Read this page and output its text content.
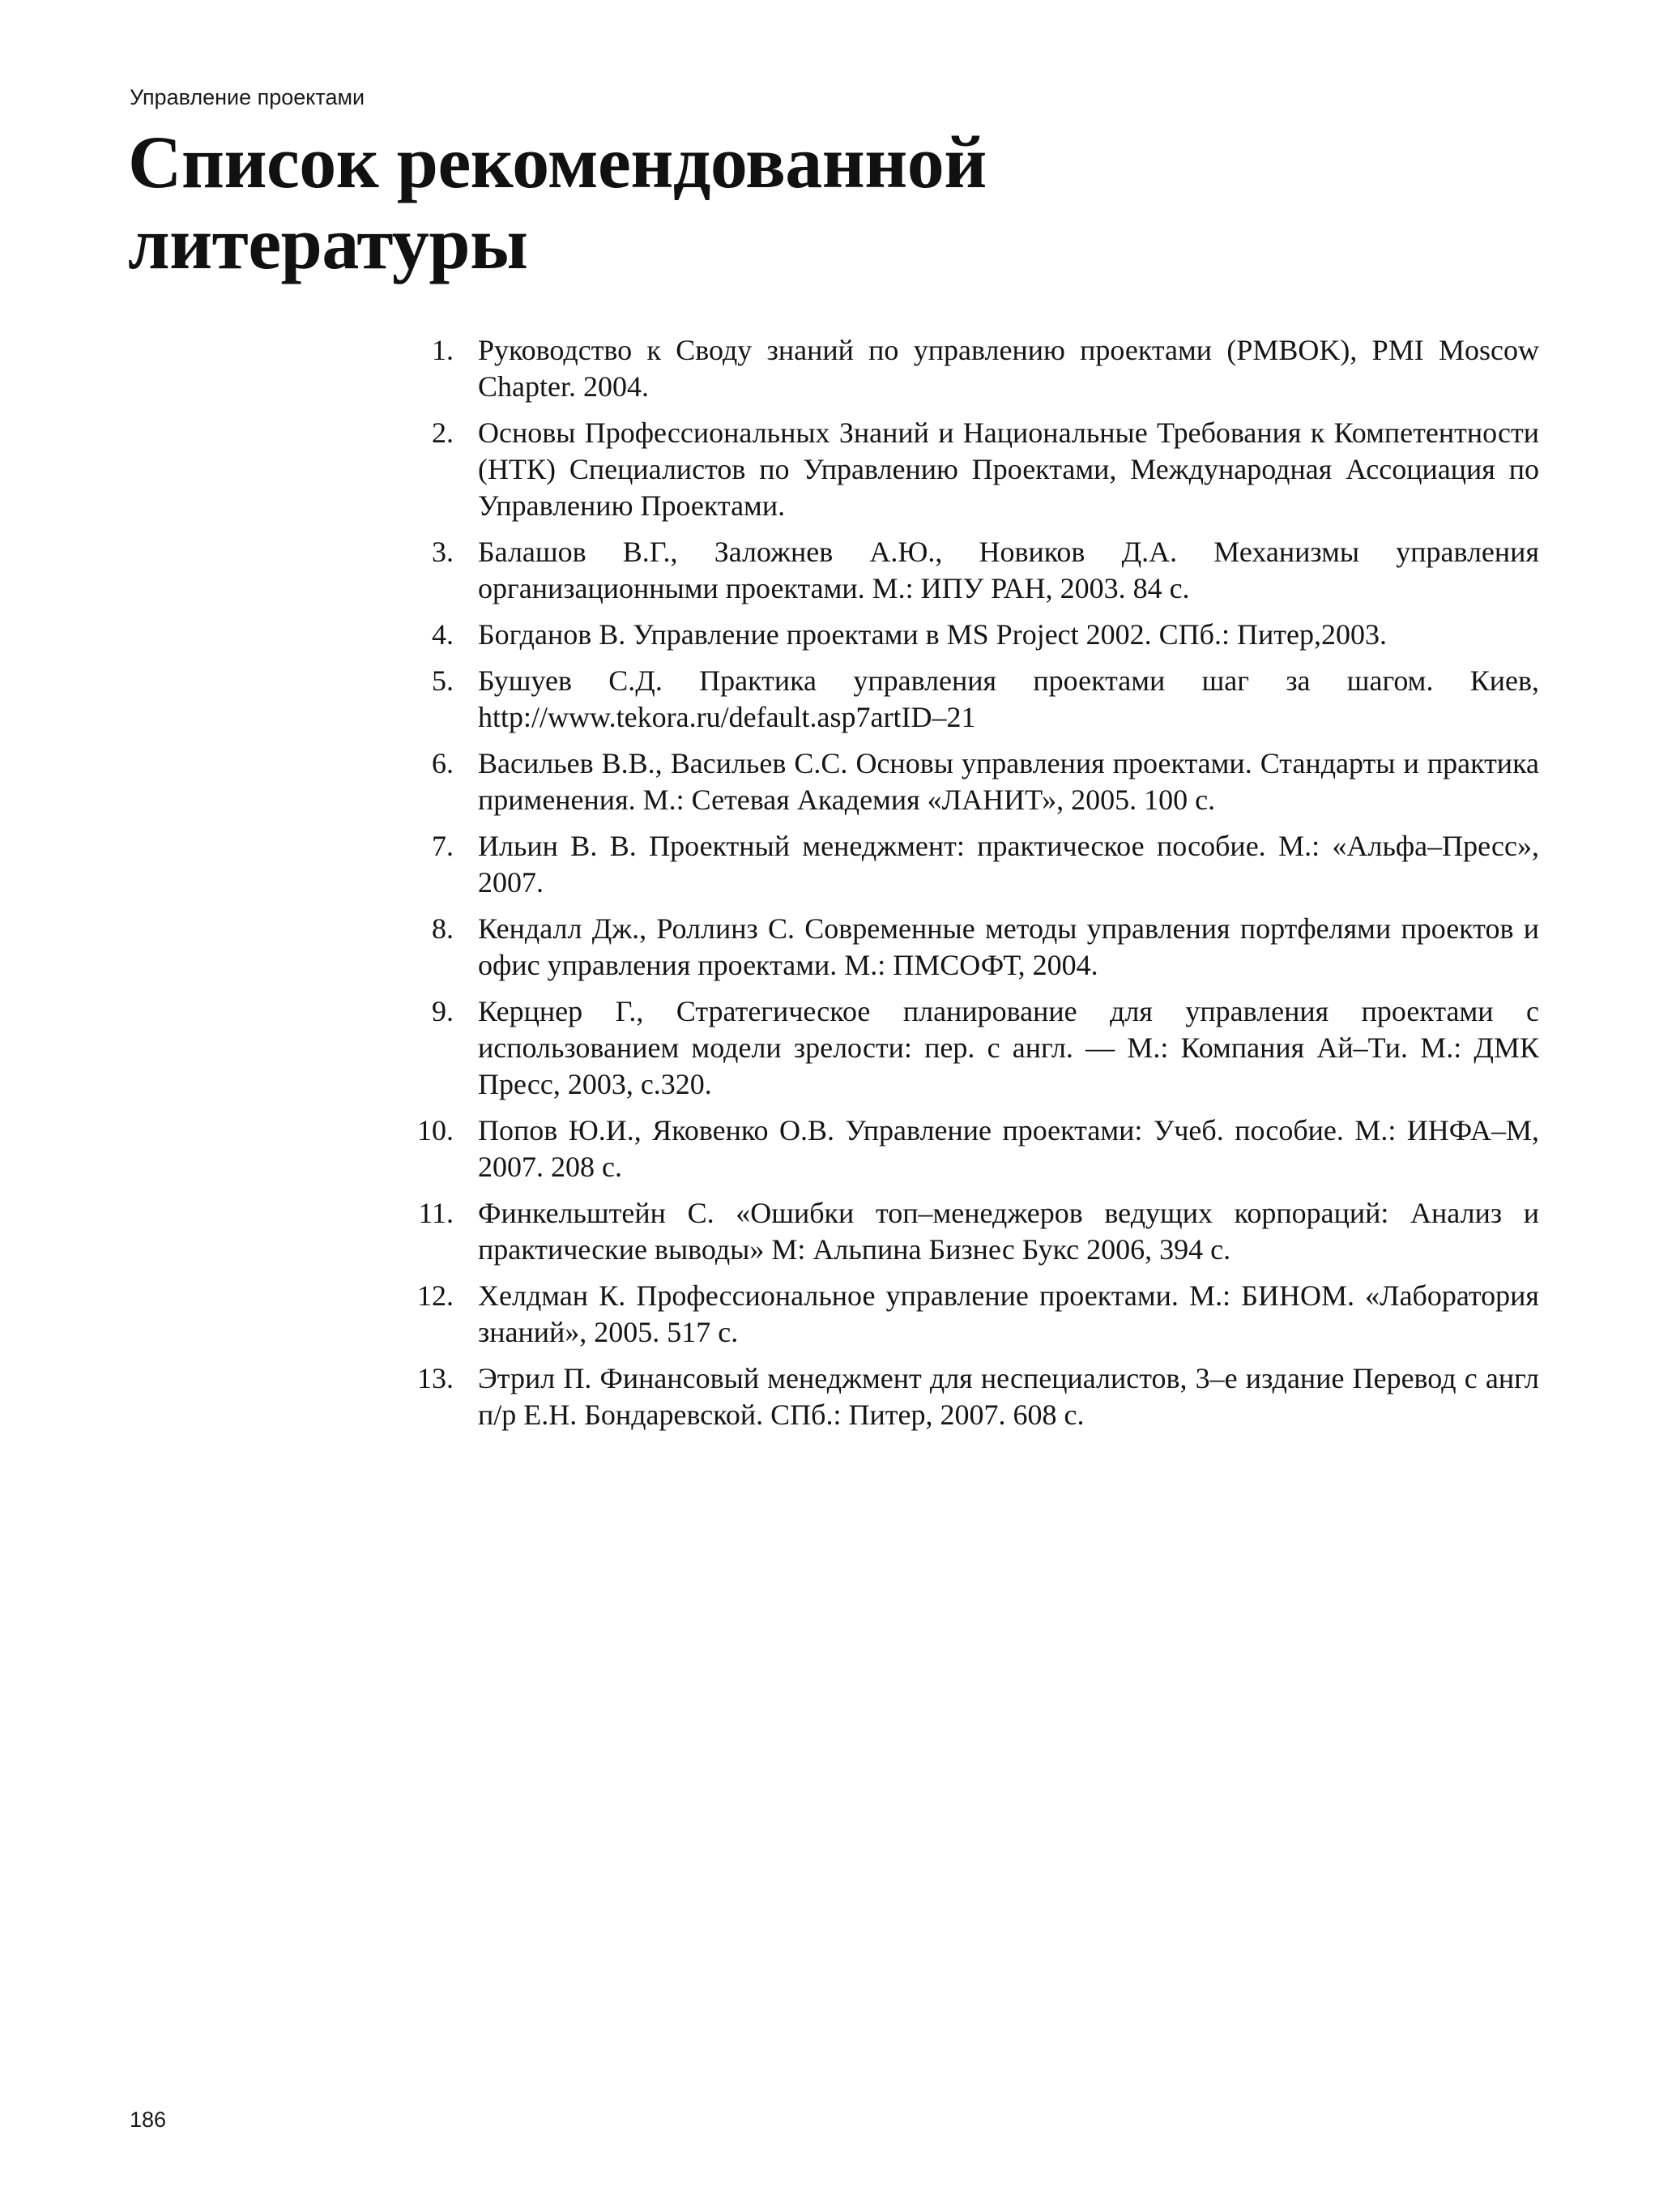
Управление проектами
Список рекомендованной
литературы
1. Руководство к Своду знаний по управлению проектами (PMBOK), PMI Moscow Chapter. 2004.
2. Основы Профессиональных Знаний и Национальные Требования к Компетентности (НТК) Специалистов по Управлению Проектами, Международная Ассоциация по Управлению Проектами.
3. Балашов В.Г., Заложнев А.Ю., Новиков Д.А. Механизмы управления организационными проектами. М.: ИПУ РАН, 2003. 84 с.
4. Богданов В. Управление проектами в MS Project 2002. СПб.: Питер,2003.
5. Бушуев С.Д. Практика управления проектами шаг за шагом. Киев, http://www.tekora.ru/default.asp7artID–21
6. Васильев В.В., Васильев С.С. Основы управления проектами. Стандарты и практика применения. М.: Сетевая Академия «ЛАНИТ», 2005. 100 с.
7. Ильин В. В. Проектный менеджмент: практическое пособие. М.: «Альфа–Пресс», 2007.
8. Кендалл Дж., Роллинз С. Современные методы управления портфелями проектов и офис управления проектами. М.: ПМСОФТ, 2004.
9. Керцнер Г., Стратегическое планирование для управления проектами с использованием модели зрелости: пер. с англ. — М.: Компания Ай–Ти. М.: ДМК Пресс, 2003, с.320.
10. Попов Ю.И., Яковенко О.В. Управление проектами: Учеб. пособие. М.: ИНФА–М, 2007. 208 с.
11. Финкельштейн С. «Ошибки топ–менеджеров ведущих корпораций: Анализ и практические выводы» М: Альпина Бизнес Букс 2006, 394 с.
12. Хелдман К. Профессиональное управление проектами. М.: БИНОМ. «Лаборатория знаний», 2005. 517 с.
13. Этрил П. Финансовый менеджмент для неспециалистов, 3–е издание Перевод с англ п/р Е.Н. Бондаревской. СПб.: Питер, 2007. 608 с.
186
